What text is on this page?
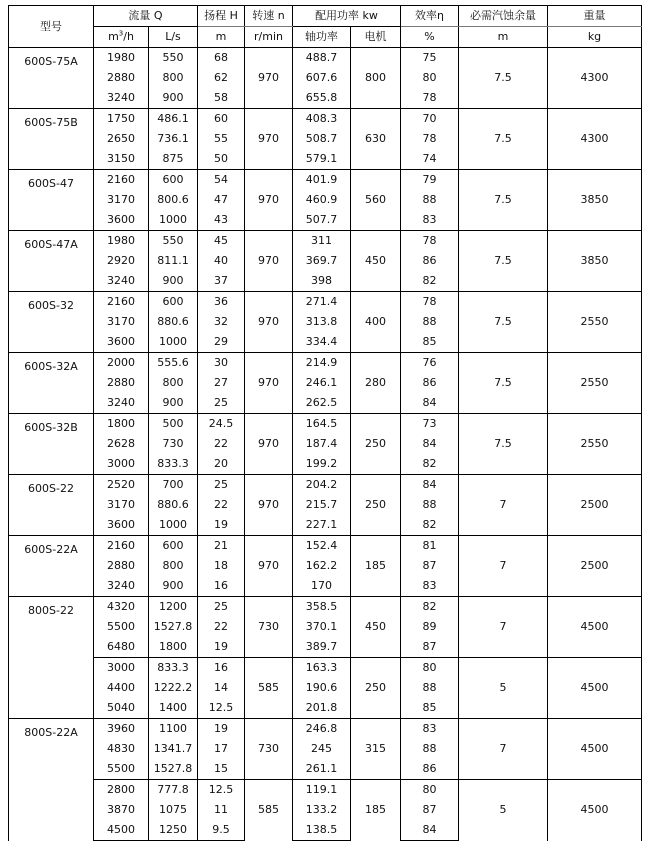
型号	流量 Q		扬程 H	转速 n	配用功率 kw		效率η	必需汽蚀余量	重量
	$m^3/h$	L/s	m	r/min	轴功率	电机	%	m	kg
600S-75A	1980	550	68	970	488.7	800	75	7.5	4300
	2880	800	62		607.6		80		
	3240	900	58		655.8		78		
600S-75B	1750	486.1	60	970	408.3	630	70	7.5	4300
	2650	736.1	55		508.7		78		
	3150	875	50		579.1		74		
600S-47	2160	600	54	970	401.9	560	79	7.5	3850
	3170	800.6	47		460.9		88		
	3600	1000	43		507.7		83		
600S-47A	1980	550	45	970	311	450	78	7.5	3850
	2920	811.1	40		369.7		86		
	3240	900	37		398		82		
600S-32	2160	600	36	970	271.4	400	78	7.5	2550
	3170	880.6	32		313.8		88		
	3600	1000	29		334.4		85		
600S-32A	2000	555.6	30	970	214.9	280	76	7.5	2550
	2880	800	27		246.1		86		
	3240	900	25		262.5		84		
600S-32B	1800	500	24.5	970	164.5	250	73	7.5	2550
	2628	730	22		187.4		84		
	3000	833.3	20		199.2		82		
600S-22	2520	700	25	970	204.2	250	84	7	2500
	3170	880.6	22		215.7		88		
	3600	1000	19		227.1		82		
600S-22A	2160	600	21	970	152.4	185	81	7	2500
	2880	800	18		162.2		87		
	3240	900	16		170		83		
800S-22	4320	1200	25	730	358.5	450	82	7	4500
	5500	1527.8	22		370.1		89		
	6480	1800	19		389.7		87		
	3000	833.3	16	585	163.3	250	80	5	4500
	4400	1222.2	14		190.6		88		
	5040	1400	12.5		201.8		85		
800S-22A	3960	1100	19	730	246.8	315	83	7	4500
	4830	1341.7	17		245		88		
	5500	1527.8	15		261.1		86		
	2800	777.8	12.5	585	119.1	185	80	5	4500
	3870	1075	11		133.2		87		
	4500	1250	9.5		138.5		84		
